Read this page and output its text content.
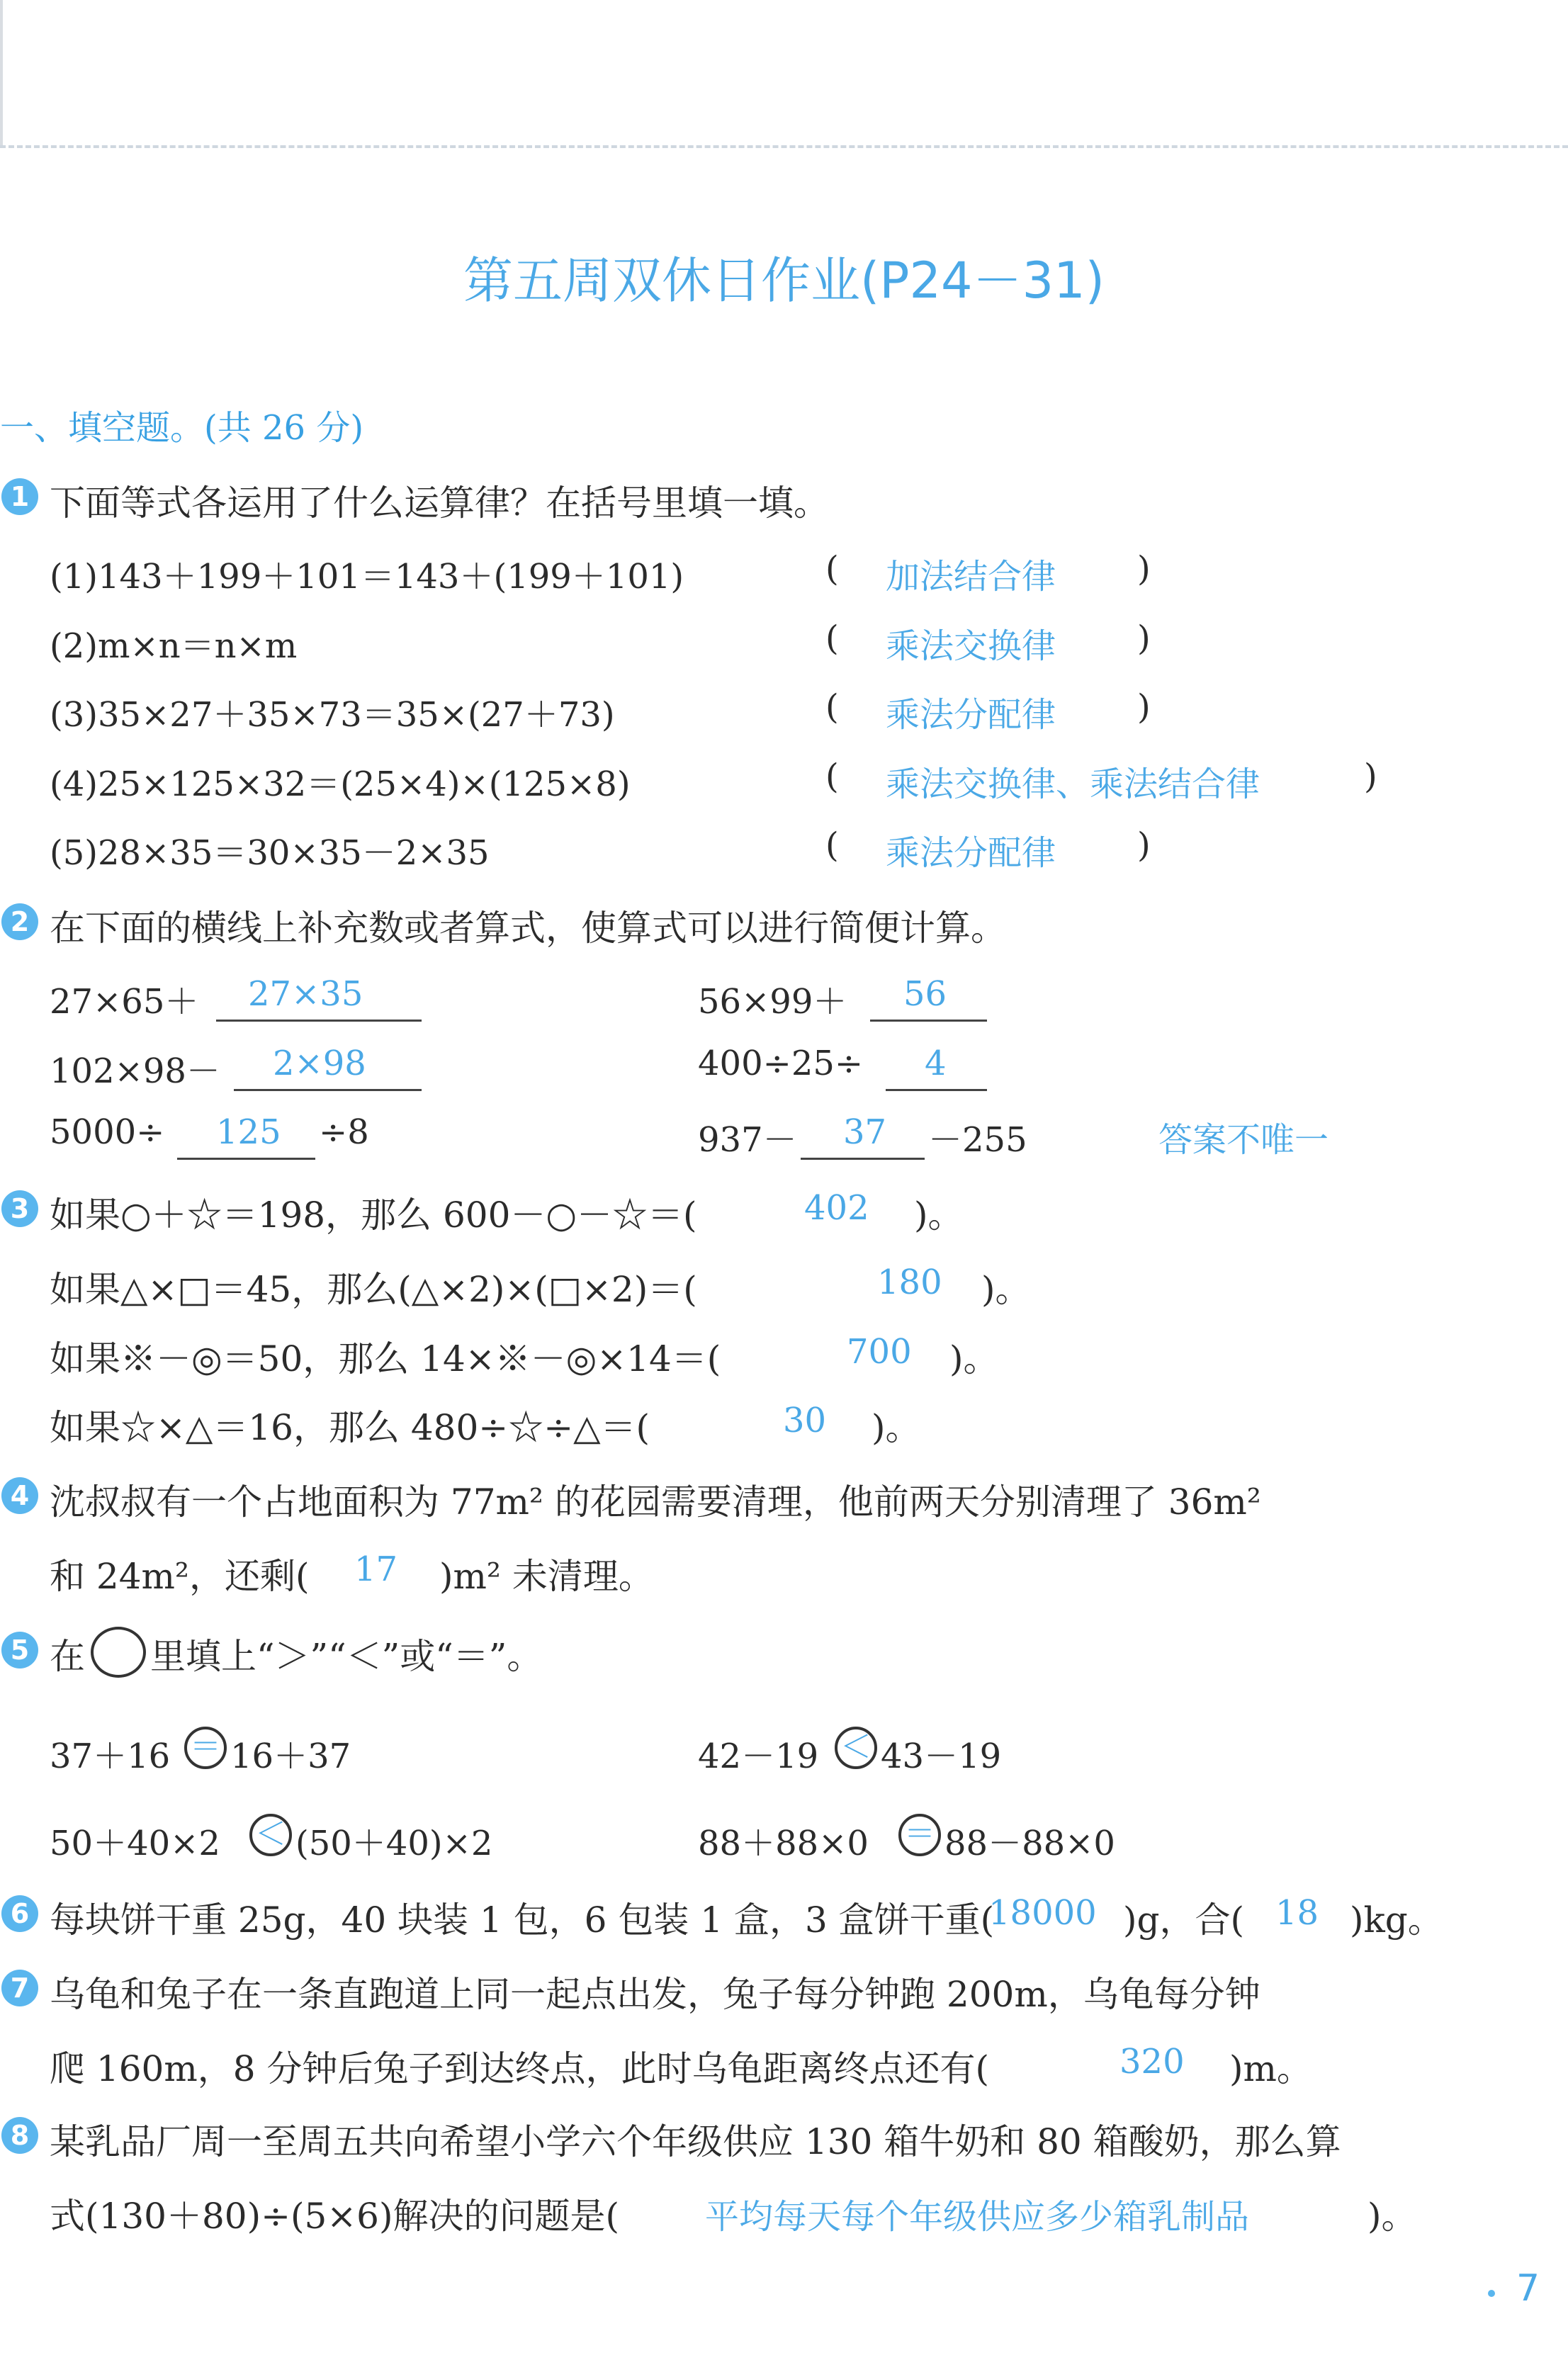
第五周双休日作业(P24－31)
一、填空题。(共 26 分)
1 下面等式各运用了什么运算律？在括号里填一填。
(1)143＋199＋101＝143＋(199＋101)	( 加法结合律 )
(2)m×n＝n×m	( 乘法交换律 )
(3)35×27＋35×73＝35×(27＋73)	( 乘法分配律 )
(4)25×125×32＝(25×4)×(125×8)	( 乘法交换律、乘法结合律	)
(5)28×35＝30×35－2×35	( 乘法分配律 )
2 在下面的横线上补充数或者算式，使算式可以进行简便计算。
27×65＋ 27×35	56×99＋ 56
102×98－ 2×98	400÷25÷ 4
5000÷ 125 ÷8	937－ 37 －255	答案不唯一
3 如果○＋☆＝198，那么 600－○－☆＝(	402 )。
如果△×□＝45，那么(△×2)×(□×2)＝(	180 )。
如果※－◎＝50，那么 14×※－◎×14＝(	700 )。
如果☆×△＝16，那么 480÷☆÷△＝(	30 )。
4 沈叔叔有一个占地面积为 77m² 的花园需要清理，他前两天分别清理了 36m²
和 24m²，还剩( 17 )m² 未清理。
5 在 里填上“＞”“＜”或“＝”。
37＋16 ＝ 16＋37	42－19 ＜ 43－19
50＋40×2 ＜ (50＋40)×2	88＋88×0 ＝ 88－88×0
6 每块饼干重 25g，40 块装 1 包，6 包装 1 盒，3 盒饼干重(
18000 )g，合( 18 )kg。
7 乌龟和兔子在一条直跑道上同一起点出发，兔子每分钟跑 200m，乌龟每分钟
爬 160m，8 分钟后兔子到达终点，此时乌龟距离终点还有(	320 )m。
8 某乳品厂周一至周五共向希望小学六个年级供应 130 箱牛奶和 80 箱酸奶，那么算
式(130＋80)÷(5×6)解决的问题是(	平均每天每个年级供应多少箱乳制品	)。
7
